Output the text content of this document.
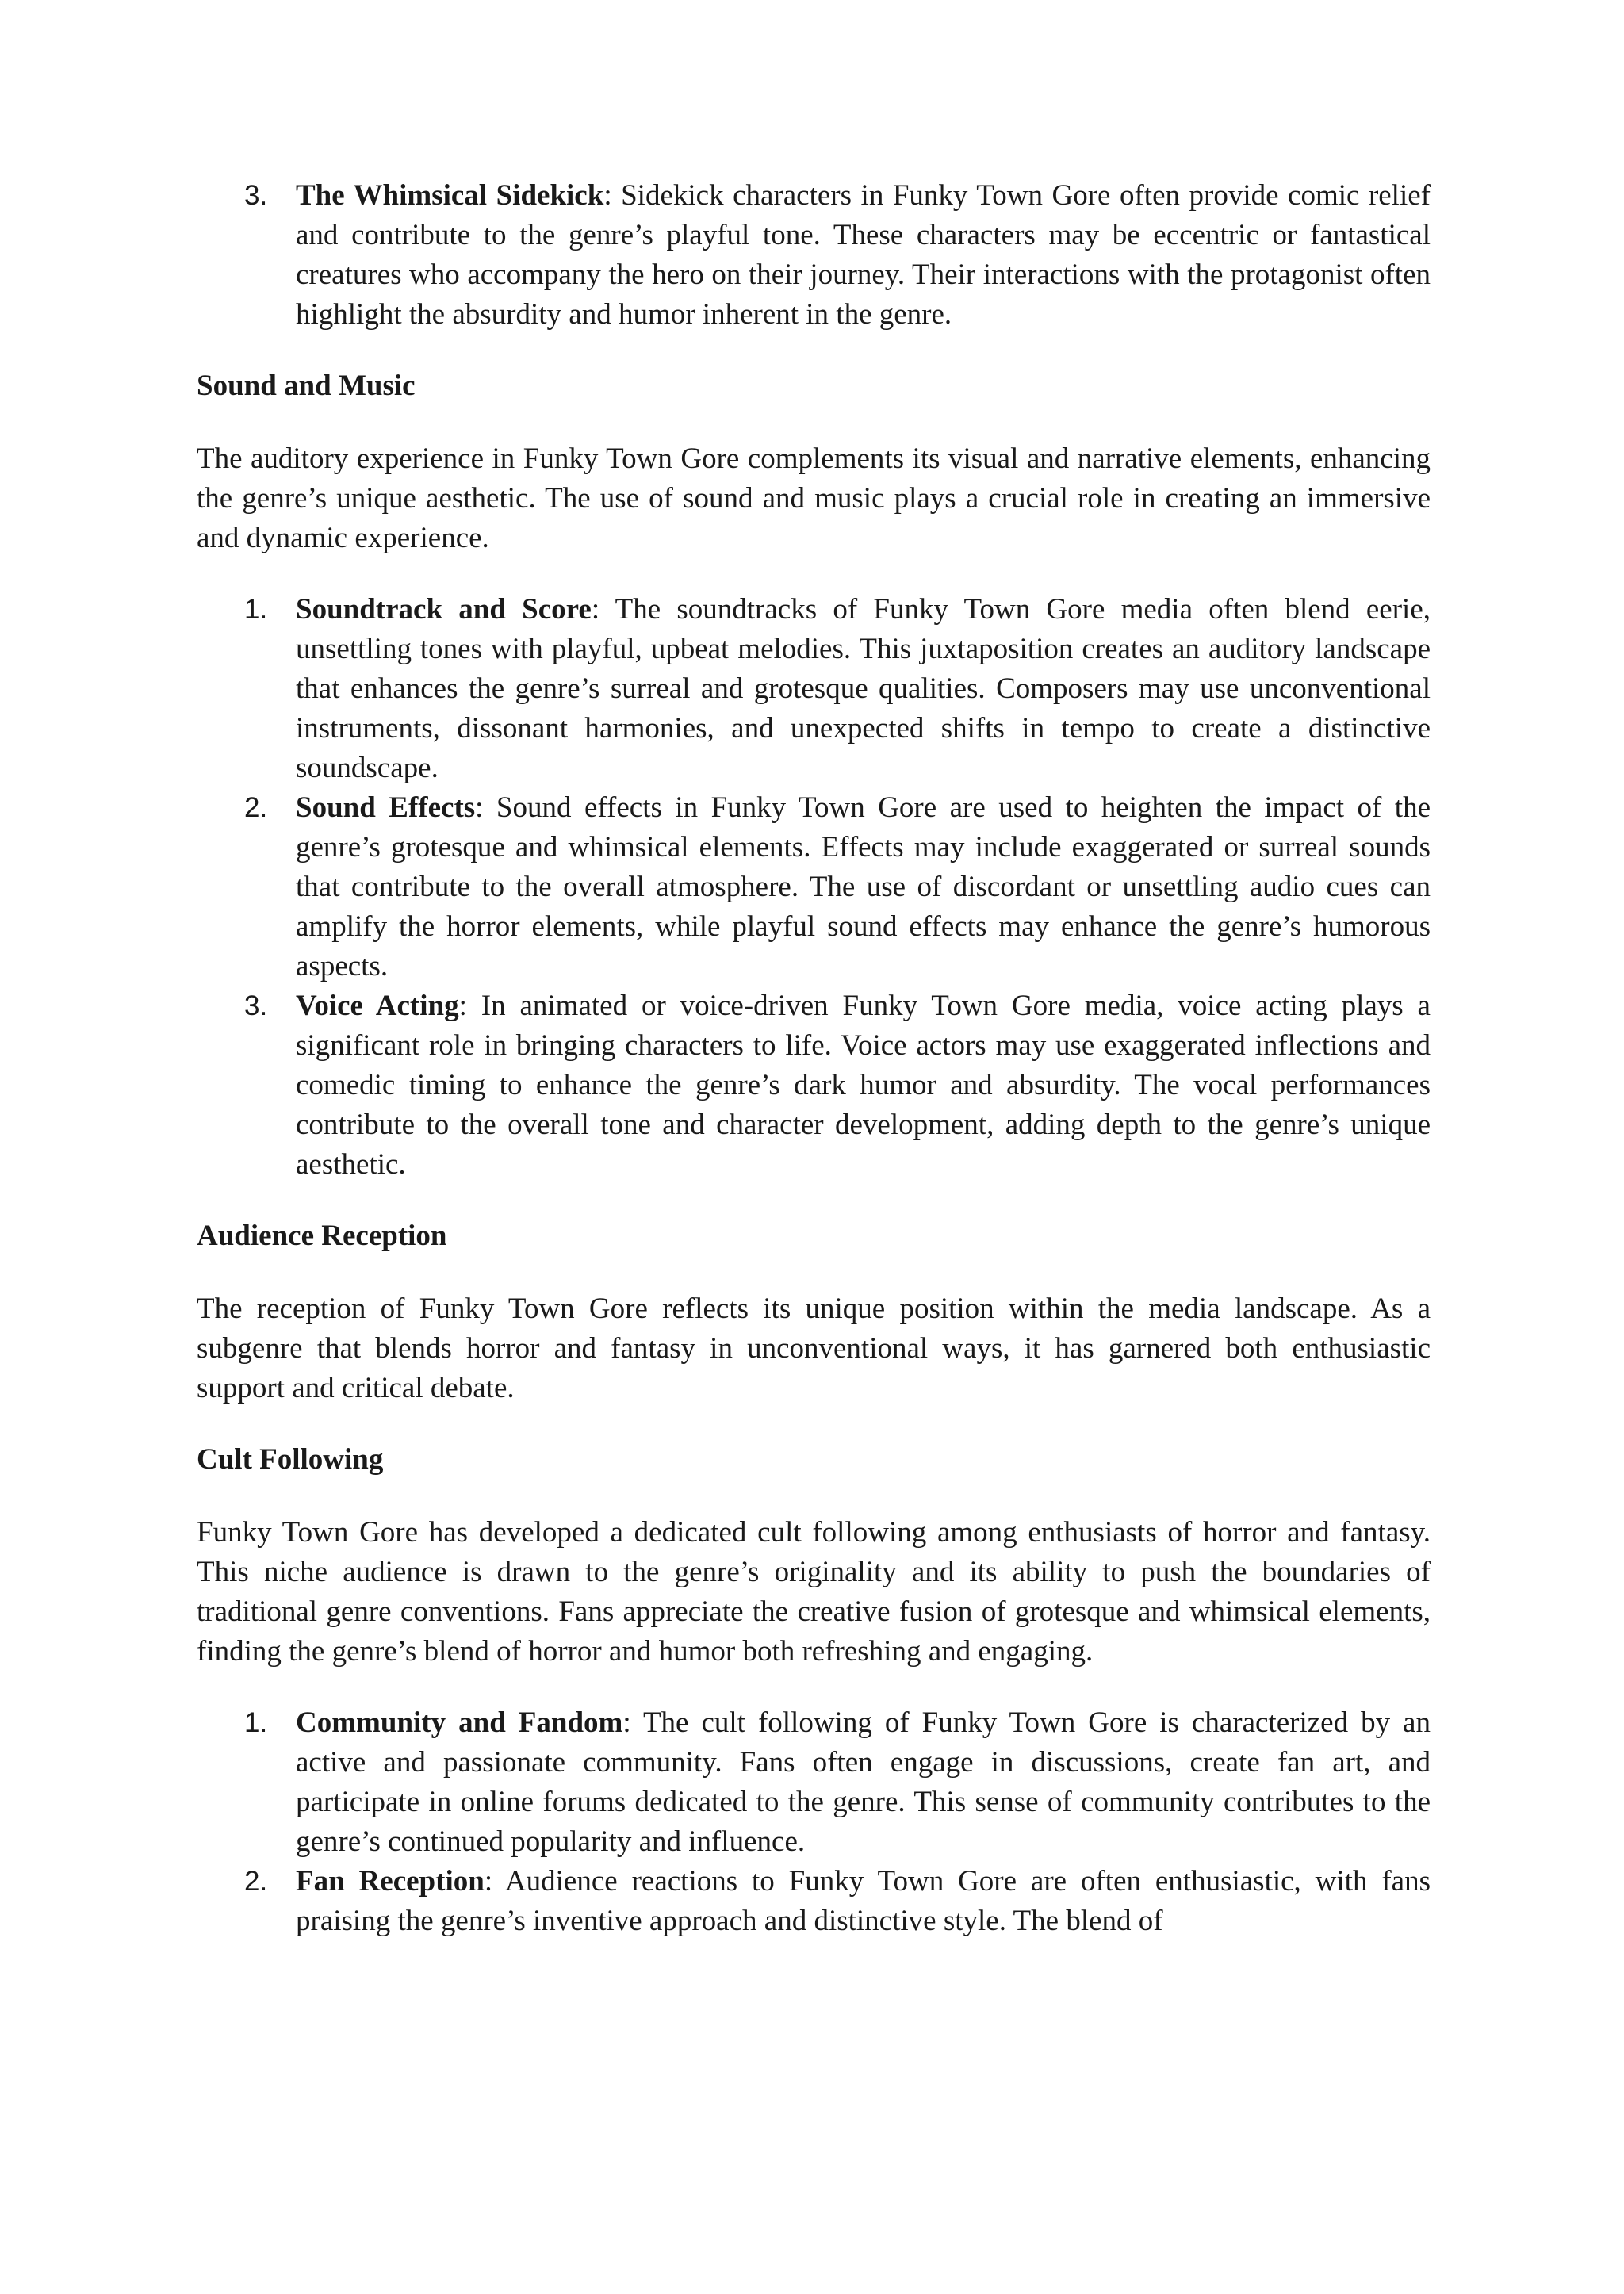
3. The Whimsical Sidekick: Sidekick characters in Funky Town Gore often provide comic relief and contribute to the genre’s playful tone. These characters may be eccentric or fantastical creatures who accompany the hero on their journey. Their interactions with the protagonist often highlight the absurdity and humor inherent in the genre.
Sound and Music

The auditory experience in Funky Town Gore complements its visual and narrative elements, enhancing the genre’s unique aesthetic. The use of sound and music plays a crucial role in creating an immersive and dynamic experience.

1. Soundtrack and Score: The soundtracks of Funky Town Gore media often blend eerie, unsettling tones with playful, upbeat melodies. This juxtaposition creates an auditory landscape that enhances the genre’s surreal and grotesque qualities. Composers may use unconventional instruments, dissonant harmonies, and unexpected shifts in tempo to create a distinctive soundscape.
2. Sound Effects: Sound effects in Funky Town Gore are used to heighten the impact of the genre’s grotesque and whimsical elements. Effects may include exaggerated or surreal sounds that contribute to the overall atmosphere. The use of discordant or unsettling audio cues can amplify the horror elements, while playful sound effects may enhance the genre’s humorous aspects.
3. Voice Acting: In animated or voice-driven Funky Town Gore media, voice acting plays a significant role in bringing characters to life. Voice actors may use exaggerated inflections and comedic timing to enhance the genre’s dark humor and absurdity. The vocal performances contribute to the overall tone and character development, adding depth to the genre’s unique aesthetic.
Audience Reception

The reception of Funky Town Gore reflects its unique position within the media landscape. As a subgenre that blends horror and fantasy in unconventional ways, it has garnered both enthusiastic support and critical debate.

Cult Following

Funky Town Gore has developed a dedicated cult following among enthusiasts of horror and fantasy. This niche audience is drawn to the genre’s originality and its ability to push the boundaries of traditional genre conventions. Fans appreciate the creative fusion of grotesque and whimsical elements, finding the genre’s blend of horror and humor both refreshing and engaging.

1. Community and Fandom: The cult following of Funky Town Gore is characterized by an active and passionate community. Fans often engage in discussions, create fan art, and participate in online forums dedicated to the genre. This sense of community contributes to the genre’s continued popularity and influence.
2. Fan Reception: Audience reactions to Funky Town Gore are often enthusiastic, with fans praising the genre’s inventive approach and distinctive style. The blend of
